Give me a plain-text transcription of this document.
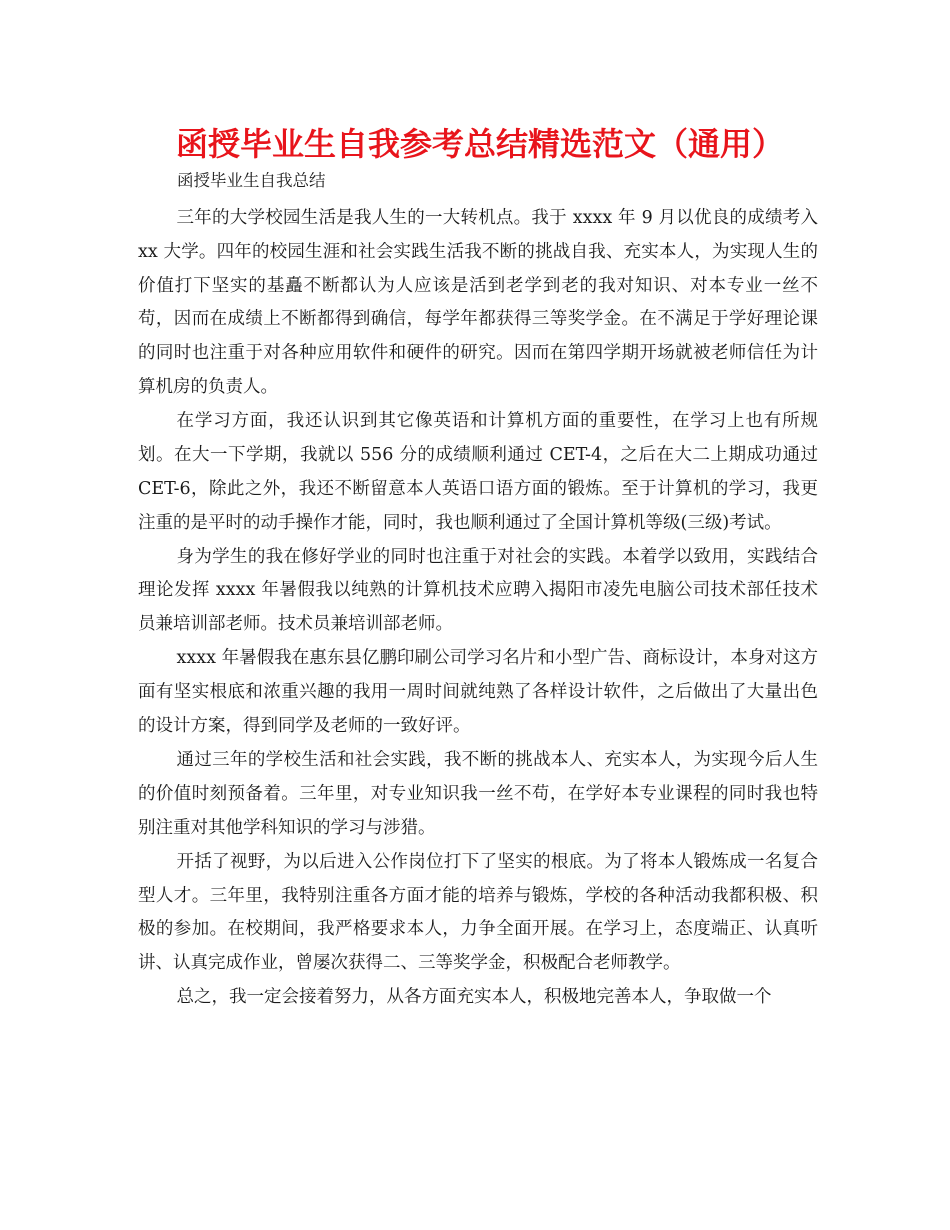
函授毕业生自我参考总结精选范文（通用）

函授毕业生自我总结

三年的大学校园生活是我人生的一大转机点。我于 xxxx 年 9 月以优良的成绩考入 xx 大学。四年的校园生涯和社会实践生活我不断的挑战自我、充实本人，为实现人生的价值打下坚实的基矗不断都认为人应该是活到老学到老的我对知识、对本专业一丝不苟，因而在成绩上不断都得到确信，每学年都获得三等奖学金。在不满足于学好理论课的同时也注重于对各种应用软件和硬件的研究。因而在第四学期开场就被老师信任为计算机房的负责人。

在学习方面，我还认识到其它像英语和计算机方面的重要性，在学习上也有所规划。在大一下学期，我就以 556 分的成绩顺利通过 CET-4，之后在大二上期成功通过 CET-6，除此之外，我还不断留意本人英语口语方面的锻炼。至于计算机的学习，我更注重的是平时的动手操作才能，同时，我也顺利通过了全国计算机等级(三级)考试。

身为学生的我在修好学业的同时也注重于对社会的实践。本着学以致用，实践结合理论发挥 xxxx 年暑假我以纯熟的计算机技术应聘入揭阳市凌先电脑公司技术部任技术员兼培训部老师。技术员兼培训部老师。

xxxx 年暑假我在惠东县亿鹏印刷公司学习名片和小型广告、商标设计，本身对这方面有坚实根底和浓重兴趣的我用一周时间就纯熟了各样设计软件，之后做出了大量出色的设计方案，得到同学及老师的一致好评。

通过三年的学校生活和社会实践，我不断的挑战本人、充实本人，为实现今后人生的价值时刻预备着。三年里，对专业知识我一丝不苟，在学好本专业课程的同时我也特别注重对其他学科知识的学习与涉猎。

开括了视野，为以后进入公作岗位打下了坚实的根底。为了将本人锻炼成一名复合型人才。三年里，我特别注重各方面才能的培养与锻炼，学校的各种活动我都积极、积极的参加。在校期间，我严格要求本人，力争全面开展。在学习上，态度端正、认真听讲、认真完成作业，曾屡次获得二、三等奖学金，积极配合老师教学。

总之，我一定会接着努力，从各方面充实本人，积极地完善本人，争取做一个
